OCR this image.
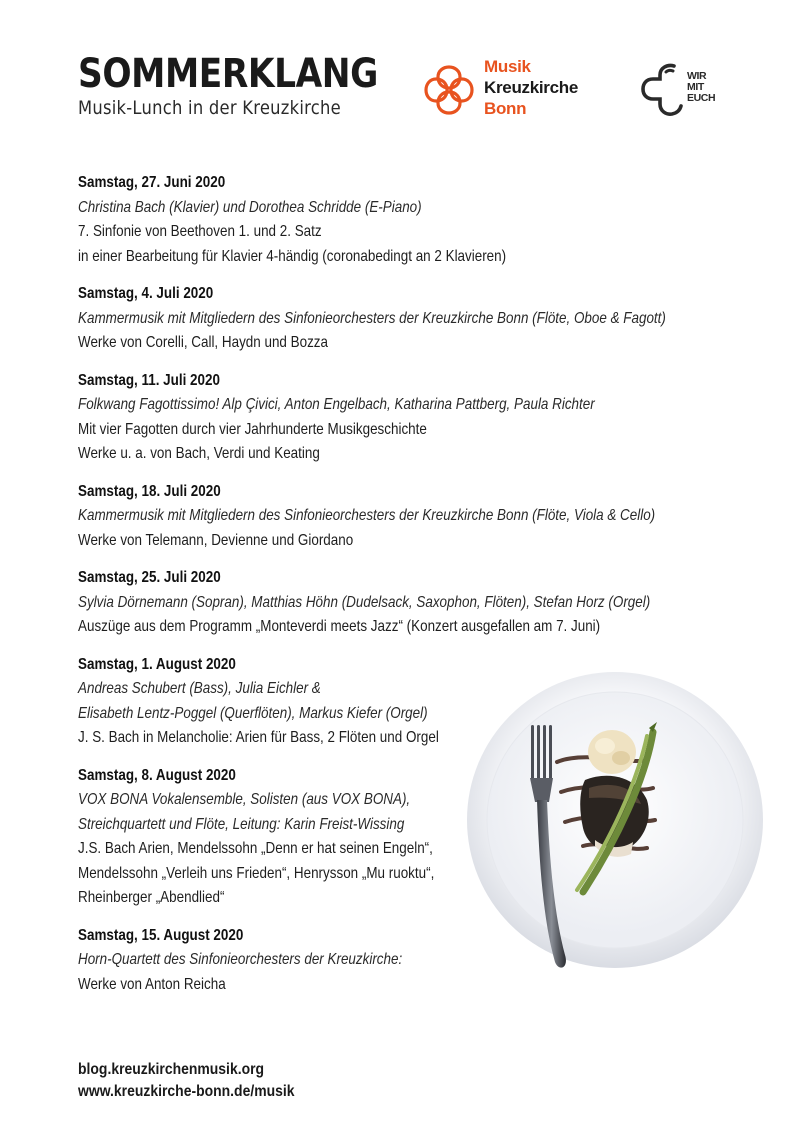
SOMMERKLANG
Musik-Lunch in der Kreuzkirche
Musik
Kreuzkirche
Bonn
WIR
MIT
EUCH
Samstag, 27. Juni 2020
Christina Bach (Klavier) und Dorothea Schridde (E-Piano)
7. Sinfonie von Beethoven 1. und 2. Satz
in einer Bearbeitung für Klavier 4-händig (coronabedingt an 2 Klavieren)
Samstag, 4. Juli 2020
Kammermusik mit Mitgliedern des Sinfonieorchesters der Kreuzkirche Bonn (Flöte, Oboe & Fagott)
Werke von Corelli, Call, Haydn und Bozza
Samstag, 11. Juli 2020
Folkwang Fagottissimo! Alp Çivici, Anton Engelbach, Katharina Pattberg, Paula Richter
Mit vier Fagotten durch vier Jahrhunderte Musikgeschichte
Werke u. a. von Bach, Verdi und Keating
Samstag, 18. Juli 2020
Kammermusik mit Mitgliedern des Sinfonieorchesters der Kreuzkirche Bonn (Flöte, Viola & Cello)
Werke von Telemann, Devienne und Giordano
Samstag, 25. Juli 2020
Sylvia Dörnemann (Sopran), Matthias Höhn (Dudelsack, Saxophon, Flöten), Stefan Horz (Orgel)
Auszüge aus dem Programm „Monteverdi meets Jazz“ (Konzert ausgefallen am 7. Juni)
Samstag, 1. August 2020
Andreas Schubert (Bass), Julia Eichler &
Elisabeth Lentz-Poggel (Querflöten), Markus Kiefer (Orgel)
J. S. Bach in Melancholie: Arien für Bass, 2 Flöten und Orgel
Samstag, 8. August 2020
VOX BONA Vokalensemble, Solisten (aus VOX BONA),
Streichquartett und Flöte, Leitung: Karin Freist-Wissing
J.S. Bach Arien, Mendelssohn „Denn er hat seinen Engeln“,
Mendelssohn „Verleih uns Frieden“, Henrysson „Mu ruoktu“,
Rheinberger „Abendlied“
Samstag, 15. August 2020
Horn-Quartett des Sinfonieorchesters der Kreuzkirche:
Werke von Anton Reicha
blog.kreuzkirchenmusik.org
www.kreuzkirche-bonn.de/musik
